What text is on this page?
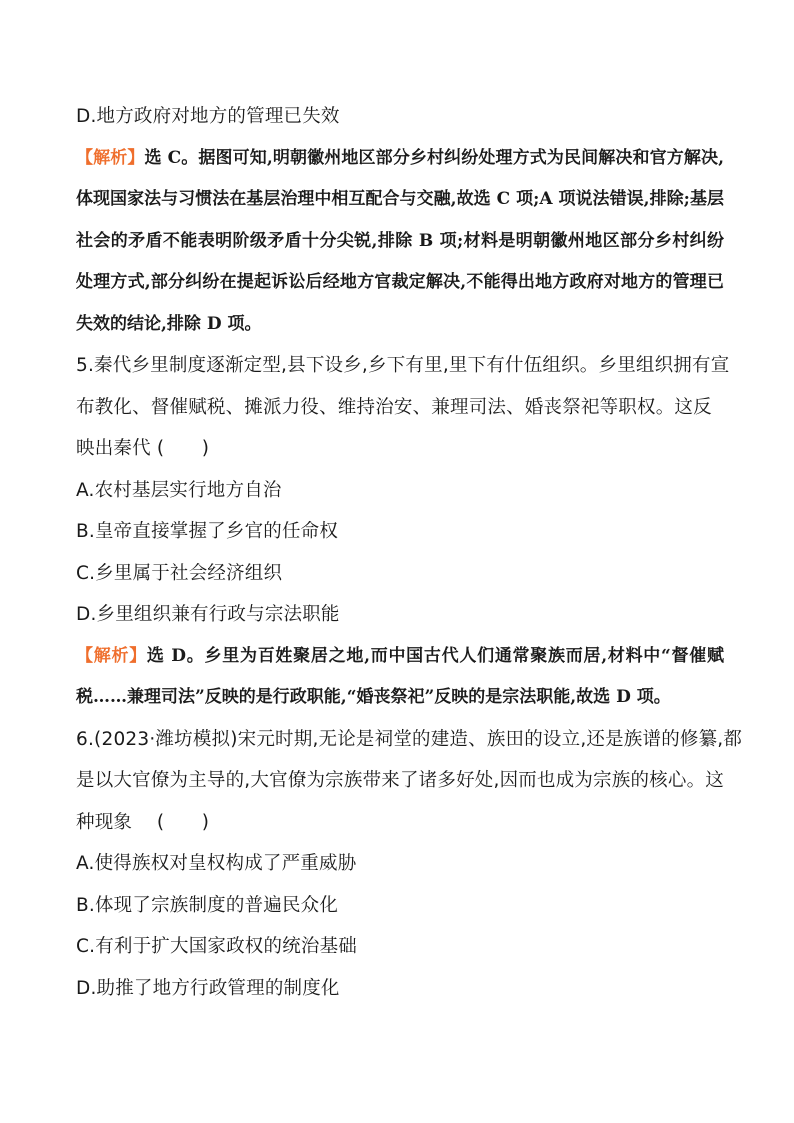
D.地方政府对地方的管理已失效
【解析】选 C。据图可知,明朝徽州地区部分乡村纠纷处理方式为民间解决和官方解决,体现国家法与习惯法在基层治理中相互配合与交融,故选 C 项;A 项说法错误,排除;基层社会的矛盾不能表明阶级矛盾十分尖锐,排除 B 项;材料是明朝徽州地区部分乡村纠纷处理方式,部分纠纷在提起诉讼后经地方官裁定解决,不能得出地方政府对地方的管理已失效的结论,排除 D 项。
5.秦代乡里制度逐渐定型,县下设乡,乡下有里,里下有什伍组织。乡里组织拥有宣
布教化、督催赋税、摊派力役、维持治安、兼理司法、婚丧祭祀等职权。这反
映出秦代 (　　)
A.农村基层实行地方自治
B.皇帝直接掌握了乡官的任命权
C.乡里属于社会经济组织
D.乡里组织兼有行政与宗法职能
【解析】选 D。乡里为百姓聚居之地,而中国古代人们通常聚族而居,材料中“督催赋税……兼理司法”反映的是行政职能,“婚丧祭祀”反映的是宗法职能,故选 D 项。
6.(2023·潍坊模拟)宋元时期,无论是祠堂的建造、族田的设立,还是族谱的修纂,都
是以大官僚为主导的,大官僚为宗族带来了诸多好处,因而也成为宗族的核心。这
种现象　 (　　)
A.使得族权对皇权构成了严重威胁
B.体现了宗族制度的普遍民众化
C.有利于扩大国家政权的统治基础
D.助推了地方行政管理的制度化
